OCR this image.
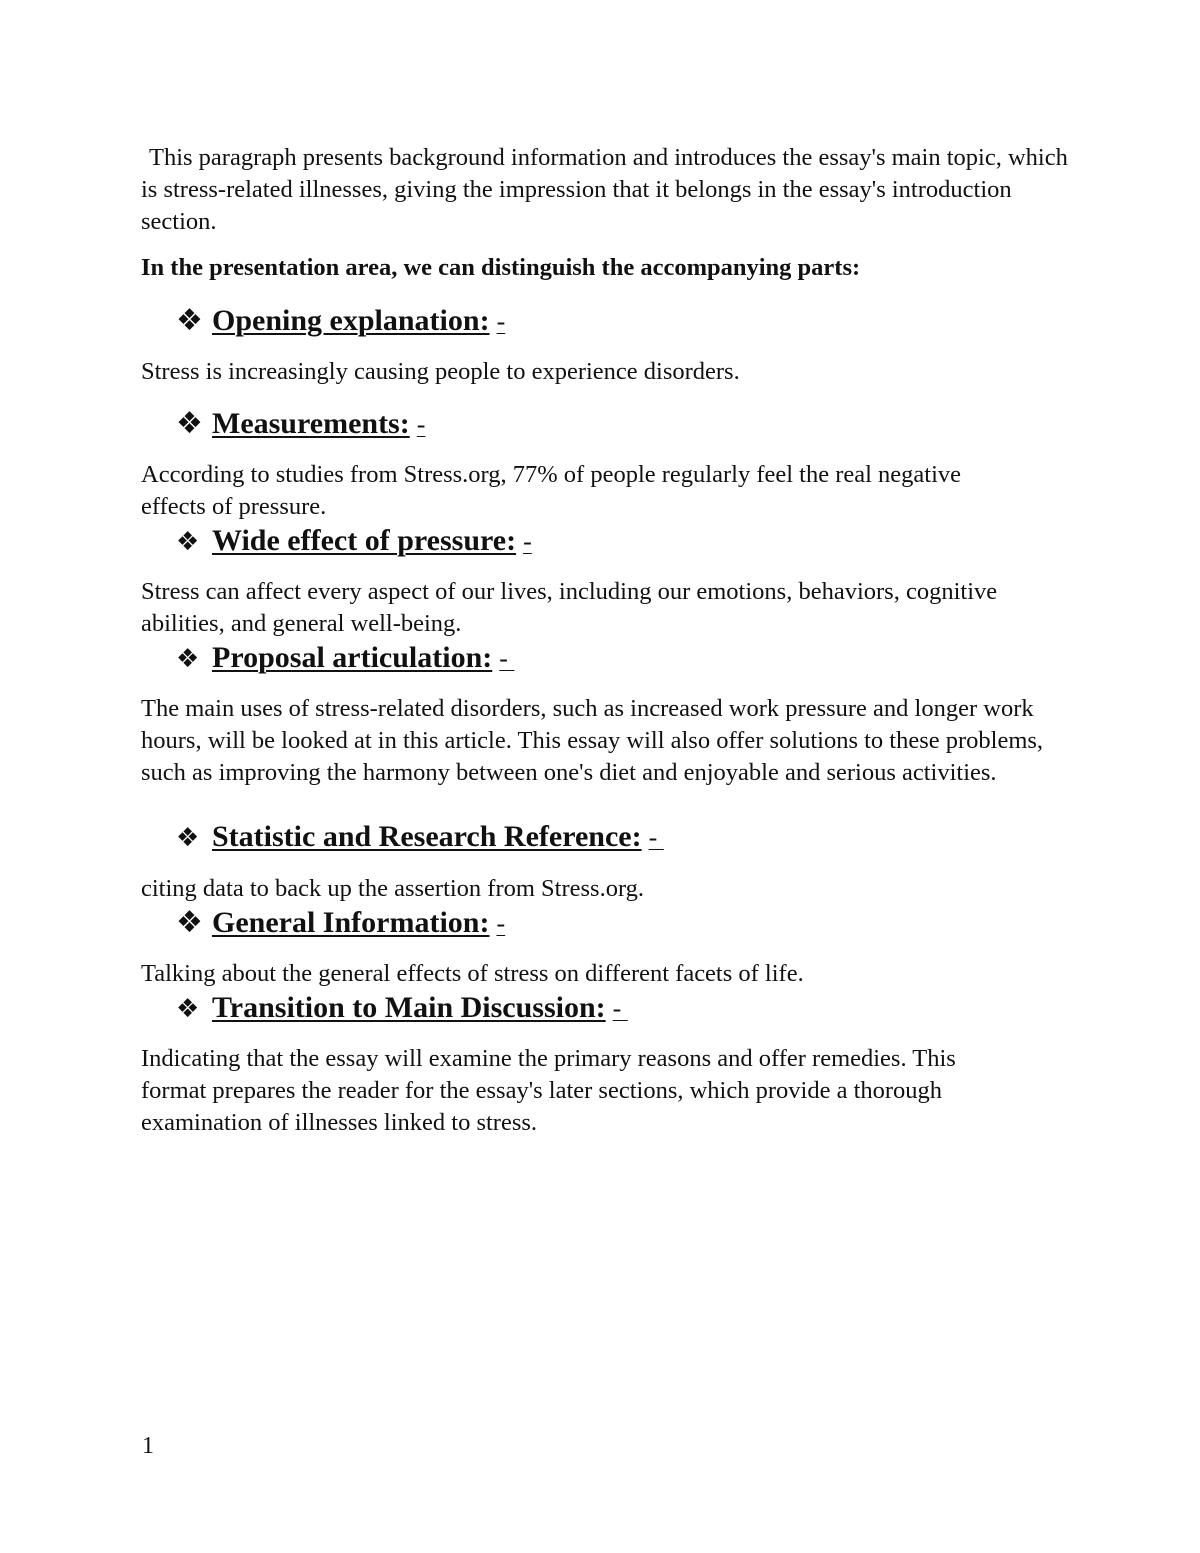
This paragraph presents background information and introduces the essay's main topic, which is stress-related illnesses, giving the impression that it belongs in the essay's introduction section.

In the presentation area, we can distinguish the accompanying parts:

❖ Opening explanation: -

Stress is increasingly causing people to experience disorders.

❖ Measurements: -

According to studies from Stress.org, 77% of people regularly feel the real negative effects of pressure.

❖ Wide effect of pressure: -

Stress can affect every aspect of our lives, including our emotions, behaviors, cognitive abilities, and general well-being.

❖ Proposal articulation: -

The main uses of stress-related disorders, such as increased work pressure and longer work hours, will be looked at in this article. This essay will also offer solutions to these problems, such as improving the harmony between one's diet and enjoyable and serious activities.

❖ Statistic and Research Reference: -

citing data to back up the assertion from Stress.org.

❖ General Information: -

Talking about the general effects of stress on different facets of life.

❖ Transition to Main Discussion: -

Indicating that the essay will examine the primary reasons and offer remedies. This format prepares the reader for the essay's later sections, which provide a thorough examination of illnesses linked to stress.

1
